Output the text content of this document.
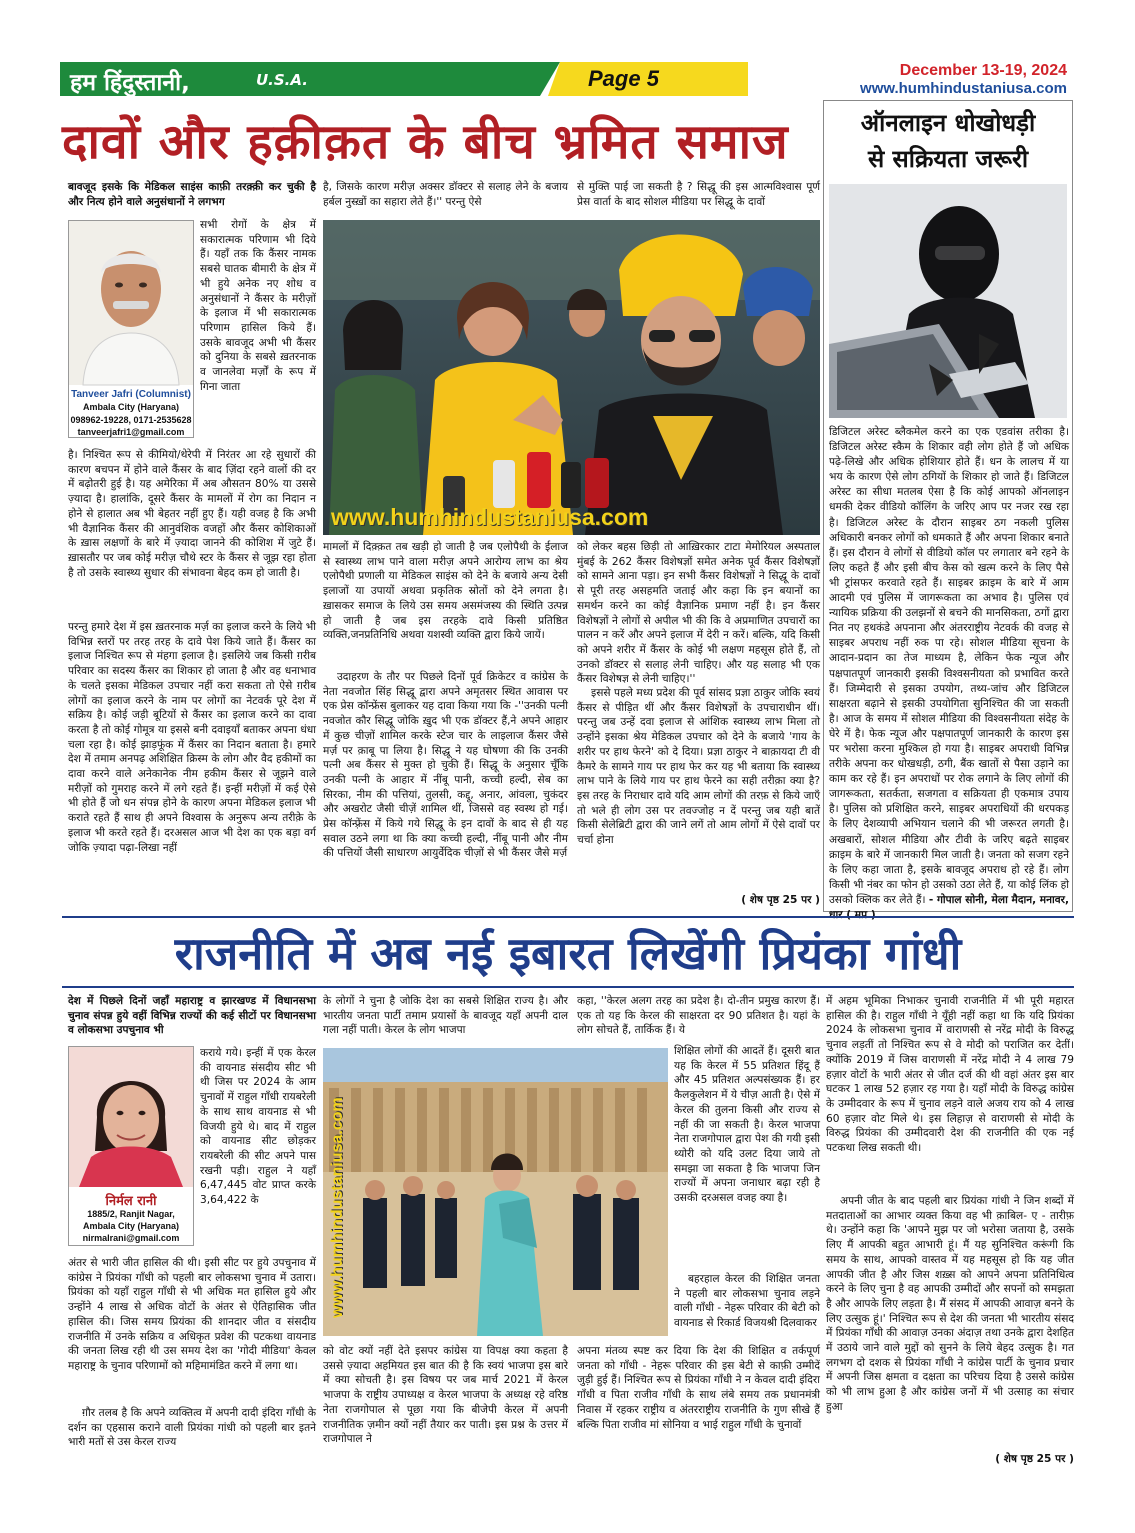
हम हिंदुस्तानी,	U.S.A.	Page 5	December 13-19, 2024
www.humhindustaniusa.com
दावों और हक़ीक़त के बीच भ्रमित समाज
Tanveer Jafri (Columnist)
Ambala City (Haryana)
098962-19228, 0171-2535628
tanveerjafri1@gmail.com
बावजूद इसके कि मेडिकल साइंस काफ़ी तरक़्क़ी कर चुकी है और नित्य होने वाले अनुसंधानों ने लगभग
सभी रोगों के क्षेत्र में सकारात्मक परिणाम भी दिये हैं। यहाँ तक कि कैंसर नामक सबसे घातक बीमारी के क्षेत्र में भी हुये अनेक नए शोध व अनुसंधानों ने कैंसर के मरीज़ों के इलाज में भी सकारात्मक परिणाम हासिल किये हैं। उसके बावजूद अभी भी कैंसर को दुनिया के सबसे ख़तरनाक व जानलेवा मर्ज़ों के रूप में गिना जाता
है। निश्चित रूप से कीमियो/थेरेपी में निरंतर आ रहे सुधारों की कारण बचपन में होने वाले कैंसर के बाद ज़िंदा रहने वालों की दर में बढ़ोतरी हुई है। यह अमेरिका में अब औसतन 80% या उससे ज़्यादा है। हालांकि, दूसरे कैंसर के मामलों में रोग का निदान न होने से हालात अब भी बेहतर नहीं हुए हैं। यही वजह है कि अभी भी वैज्ञानिक कैंसर की आनुवंशिक वजहों और कैंसर कोशिकाओं के ख़ास लक्षणों के बारे में ज़्यादा जानने की कोशिश में जुटे हैं। ख़ासतौर पर जब कोई मरीज़ चौथे स्टर के कैंसर से जूझ रहा होता है तो उसके स्वास्थ्य सुधार की संभावना बेहद कम हो जाती है।
परन्तु हमारे देश में इस ख़तरनाक मर्ज़ का इलाज करने के लिये भी विभिन्न स्तरों पर तरह तरह के दावे पेश किये जाते हैं। कैंसर का इलाज निश्चित रूप से मंहगा इलाज है। इसलिये जब किसी ग़रीब परिवार का सदस्य कैंसर का शिकार हो जाता है और वह धनाभाव के चलते इसका मेडिकल उपचार नहीं करा सकता तो ऐसे ग़रीब लोगों का इलाज करने के नाम पर लोगों का नेटवर्क पूरे देश में सक्रिय है। कोई जड़ी बूटियों से कैंसर का इलाज करने का दावा करता है तो कोई गोमूत्र या इससे बनी दवाइयाँ बताकर अपना धंधा चला रहा है। कोई झाड़फूंक में कैंसर का निदान बताता है। हमारे देश में तमाम अनपढ़ अशिक्षित क्रिस्म के लोग और वैद हकीमों का दावा करने वाले अनेकानेक नीम हकीम कैंसर से जूझने वाले मरीज़ों को गुमराह करने में लगे रहते हैं। इन्हीं मरीज़ों में कई ऐसे भी होते हैं जो धन संपन्न होने के कारण अपना मेडिकल इलाज भी कराते रहते हैं साथ ही अपने विश्वास के अनुरूप अन्य तरीक़े के इलाज भी करते रहते हैं। दरअसल आज भी देश का एक बड़ा वर्ग जोकि ज़्यादा पढ़ा-लिखा नहीं
है, जिसके कारण मरीज़ अक्सर डॉक्टर से सलाह लेने के बजाय हर्बल नुस्ख़ों का सहारा लेते हैं।'' परन्तु ऐसे
से मुक्ति पाई जा सकती है ? सिद्धू की इस आत्मविश्वास पूर्ण प्रेस वार्ता के बाद सोशल मीडिया पर सिद्धू के दावों
www.humhindustaniusa.com
मामलों में दिक़्क़त तब खड़ी हो जाती है जब एलोपैथी के ईलाज से स्वास्थ्य लाभ पाने वाला मरीज़ अपने आरोग्य लाभ का श्रेय एलोपैथी प्रणाली या मेडिकल साइंस को देने के बजाये अन्य देसी इलाजों या उपायों अथवा प्रकृतिक स्रोतों को देने लगता है। ख़ासकर समाज के लिये उस समय असमंजस्य की स्थिति उत्पन्न हो जाती है जब इस तरहके दावे किसी प्रतिष्ठित व्यक्ति,जनप्रतिनिधि अथवा यशस्वी व्यक्ति द्वारा किये जायें।
उदाहरण के तौर पर पिछले दिनों पूर्व क्रिकेटर व कांग्रेस के नेता नवजोत सिंह सिद्धू द्वारा अपने अमृतसर स्थित आवास पर एक प्रेस कॉन्फ्रेंस बुलाकर यह दावा किया गया कि -''उनकी पत्नी नवजोत कौर सिद्धू जोकि ख़ुद भी एक डॉक्टर हैं,ने अपने आहार में कुछ चीज़ों शामिल करके स्टेज चार के लाइलाज कैंसर जैसे मर्ज़ पर क़ाबू पा लिया है। सिद्धू ने यह घोषणा की कि उनकी पत्नी अब कैंसर से मुक्त हो चुकी हैं। सिद्धू के अनुसार चूँकि उनकी पत्नी के आहार में नींबू पानी, कच्ची हल्दी, सेब का सिरका, नीम की पत्तियां, तुलसी, कद्दू, अनार, आंवला, चुकंदर और अखरोट जैसी चीज़ें शामिल थीं, जिससे वह स्वस्थ हो गई। प्रेस कॉन्फ़्रेंस में किये गये सिद्धू के इन दावों के बाद से ही यह सवाल उठने लगा था कि क्या कच्ची हल्दी, नींबू पानी और नीम की पत्तियों जैसी साधारण आयुर्वेदिक चीज़ों से भी कैंसर जैसे मर्ज़
को लेकर बहस छिड़ी तो आख़िरकार टाटा मेमोरियल अस्पताल मुंबई के 262 कैंसर विशेषज्ञों समेत अनेक पूर्व कैंसर विशेषज्ञों को सामने आना पड़ा। इन सभी कैंसर विशेषज्ञों ने सिद्धू के दावों से पूरी तरह असहमति जताई और कहा कि इन बयानों का समर्थन करने का कोई वैज्ञानिक प्रमाण नहीं है। इन कैंसर विशेषज्ञों ने लोगों से अपील भी की कि वे अप्रमाणित उपचारों का पालन न करें और अपने इलाज में देरी न करें। बल्कि, यदि किसी को अपने शरीर में कैंसर के कोई भी लक्षण महसूस होते हैं, तो उनको डॉक्टर से सलाह लेनी चाहिए। और यह सलाह भी एक कैंसर विशेषज्ञ से लेनी चाहिए।''
इससे पहले मध्य प्रदेश की पूर्व सांसद प्रज्ञा ठाकुर जोकि स्वयं कैंसर से पीड़ित थीं और कैंसर विशेषज्ञों के उपचाराधीन थीं। परन्तु जब उन्हें दवा इलाज से आंशिक स्वास्थ्य लाभ मिला तो उन्होंने इसका श्रेय मेडिकल उपचार को देने के बजाये 'गाय के शरीर पर हाथ फेरने' को दे दिया। प्रज्ञा ठाकुर ने बाक़ायदा टी वी कैमरे के सामने गाय पर हाथ फेर कर यह भी बताया कि स्वास्थ्य लाभ पाने के लिये गाय पर हाथ फेरने का सही तरीक़ा क्या है? इस तरह के निराधार दावे यदि आम लोगों की तरफ़ से किये जाएँ तो भले ही लोग उस पर तवज्जोह न दें परन्तु जब यही बातें किसी सेलेब्रिटी द्वारा की जाने लगें तो आम लोगों में ऐसे दावों पर चर्चा होना
( शेष पृष्ठ 25 पर )
ऑनलाइन धोखोधड़ी
से सक्रियता जरूरी
डिजिटल अरेस्ट ब्लैकमेल करने का एक एडवांस तरीका है। डिजिटल अरेस्ट स्कैम के शिकार वही लोग होते हैं जो अधिक पढ़े-लिखे और अधिक होशियार होते हैं। धन के लालच में या भय के कारण ऐसे लोग ठगियों के शिकार हो जाते हैं। डिजिटल अरेस्ट का सीधा मतलब ऐसा है कि कोई आपको ऑनलाइन धमकी देकर वीडियो कॉलिंग के जरिए आप पर नजर रख रहा है। डिजिटल अरेस्ट के दौरान साइबर ठग नकली पुलिस अधिकारी बनकर लोगों को धमकाते हैं और अपना शिकार बनाते हैं। इस दौरान वे लोगों से वीडियो कॉल पर लगातार बने रहने के लिए कहते हैं और इसी बीच केस को खत्म करने के लिए पैसे भी ट्रांसफर करवाते रहते हैं। साइबर क्राइम के बारे में आम आदमी एवं पुलिस में जागरूकता का अभाव है। पुलिस एवं न्यायिक प्रक्रिया की उलझनों से बचने की मानसिकता, ठगों द्वारा नित नए हथकंडे अपनाना और अंतरराष्ट्रीय नेटवर्क की वजह से साइबर अपराध नहीं रुक पा रहे। सोशल मीडिया सूचना के आदान-प्रदान का तेज माध्यम है, लेकिन फेक न्यूज और पक्षपातपूर्ण जानकारी इसकी विश्वसनीयता को प्रभावित करते हैं। जिम्मेदारी से इसका उपयोग, तथ्य-जांच और डिजिटल साक्षरता बढ़ाने से इसकी उपयोगिता सुनिश्चित की जा सकती है। आज के समय में सोशल मीडिया की विश्वसनीयता संदेह के घेरे में है। फेक न्यूज और पक्षपातपूर्ण जानकारी के कारण इस पर भरोसा करना मुश्किल हो गया है। साइबर अपराधी विभिन्न तरीके अपना कर धोखधड़ी, ठगी, बैंक खातों से पैसा उड़ाने का काम कर रहे हैं। इन अपराधों पर रोक लगाने के लिए लोगों की जागरूकता, सतर्कता, सजगता व सक्रियता ही एकमात्र उपाय है। पुलिस को प्रशिक्षित करने, साइबर अपराधियों की धरपकड़ के लिए देशव्यापी अभियान चलाने की भी जरूरत लगती है। अखबारों, सोशल मीडिया और टीवी के जरिए बढ़ते साइबर क्राइम के बारे में जानकारी मिल जाती है। जनता को सजग रहने के लिए कहा जाता है, इसके बावजूद अपराध हो रहे हैं। लोग किसी भी नंबर का फोन हो उसको उठा लेते हैं, या कोई लिंक हो उसको क्लिक कर लेते हैं। - गोपाल सोनी, मेला मैदान, मनावर, धार ( मप्र )
राजनीति में अब नई इबारत लिखेंगी प्रियंका गांधी
देश में पिछले दिनों जहाँ महाराष्ट्र व झारखण्ड में विधानसभा चुनाव संपन्न हुये वहीं विभिन्न राज्यों की कई सीटों पर विधानसभा व लोकसभा उपचुनाव भी
निर्मल रानी
1885/2, Ranjit Nagar,
Ambala City (Haryana)
nirmalrani@gmail.com
कराये गये। इन्हीं में एक केरल की वायनाड संसदीय सीट भी थी जिस पर 2024 के आम चुनावों में राहुल गाँधी रायबरेली के साथ साथ वायनाड से भी विजयी हुये थे। बाद में राहुल को वायनाड सीट छोड़कर रायबरेली की सीट अपने पास रखनी पड़ी। राहुल ने यहाँ 6,47,445 वोट प्राप्त करके 3,64,422 के
अंतर से भारी जीत हासिल की थी। इसी सीट पर हुये उपचुनाव में कांग्रेस ने प्रियंका गाँधी को पहली बार लोकसभा चुनाव में उतारा। प्रियंका को यहाँ राहुल गाँधी से भी अधिक मत हासिल हुये और उन्होंने 4 लाख से अधिक वोटों के अंतर से ऐतिहासिक जीत हासिल की। जिस समय प्रियंका की शानदार जीत व संसदीय राजनीति में उनके सक्रिय व अधिकृत प्रवेश की पटकथा वायनाड की जनता लिख रही थी उस समय देश का 'गोदी मीडिया' केवल महाराष्ट्र के चुनाव परिणामों को महिमामंडित करने में लगा था।
ग़ौर तलब है कि अपने व्यक्तित्व में अपनी दादी इंदिरा गाँधी के दर्शन का एहसास कराने वाली प्रियंका गांधी को पहली बार इतने भारी मतों से उस केरल राज्य
के लोगों ने चुना है जोकि देश का सबसे शिक्षित राज्य है। और भारतीय जनता पार्टी तमाम प्रयासों के बावजूद यहाँ अपनी दाल गला नहीं पाती। केरल के लोग भाजपा
कहा, ''केरल अलग तरह का प्रदेश है। दो-तीन प्रमुख कारण हैं। एक तो यह कि केरल की साक्षरता दर 90 प्रतिशत है। यहां के लोग सोचते हैं, तार्किक हैं। ये
www.humhindustaniusa.com
शिक्षित लोगों की आदतें हैं। दूसरी बात यह कि केरल में 55 प्रतिशत हिंदू हैं और 45 प्रतिशत अल्पसंख्यक हैं। हर कैलकुलेशन में ये चीज़ आती है। ऐसे में केरल की तुलना किसी और राज्य से नहीं की जा सकती है। केरल भाजपा नेता राजगोपाल द्वारा पेश की गयी इसी थ्योरी को यदि उलट दिया जाये तो समझा जा सकता है कि भाजपा जिन राज्यों में अपना जनाधार बढ़ा रही है उसकी दरअसल वजह क्या है।
बहरहाल केरल की शिक्षित जनता ने पहली बार लोकसभा चुनाव लड़ने वाली गाँधी - नेहरू परिवार की बेटी को वायनाड से रिकार्ड विजयश्री दिलवाकर
को वोट क्यों नहीं देते इसपर कांग्रेस या विपक्ष क्या कहता है उससे ज़्यादा अहमियत इस बात की है कि स्वयं भाजपा इस बारे में क्या सोचती है। इस विषय पर जब मार्च 2021 में केरल भाजपा के राष्ट्रीय उपाध्यक्ष व केरल भाजपा के अध्यक्ष रहे वरिष्ठ नेता राजगोपाल से पूछा गया कि बीजेपी केरल में अपनी राजनीतिक ज़मीन क्यों नहीं तैयार कर पाती। इस प्रश्न के उत्तर में राजगोपाल ने
अपना मंतव्य स्पष्ट कर दिया कि देश की शिक्षित व तर्कपूर्ण जनता को गाँधी - नेहरू परिवार की इस बेटी से काफ़ी उम्मीदें जुड़ी हुई हैं। निश्चित रूप से प्रियंका गाँधी ने न केवल दादी इंदिरा गाँधी व पिता राजीव गाँधी के साथ लंबे समय तक प्रधानमंत्री निवास में रहकर राष्ट्रीय व अंतरराष्ट्रीय राजनीति के गुण सीखे हैं बल्कि पिता राजीव मां सोनिया व भाई राहुल गाँधी के चुनावों
में अहम भूमिका निभाकर चुनावी राजनीति में भी पूरी महारत हासिल की है। राहुल गाँधी ने यूँही नहीं कहा था कि यदि प्रियंका 2024 के लोकसभा चुनाव में वाराणसी से नरेंद्र मोदी के विरुद्ध चुनाव लड़तीं तो निश्चित रूप से वे मोदी को पराजित कर देतीं। क्योंकि 2019 में जिस वाराणसी में नरेंद्र मोदी ने 4 लाख 79 हज़ार वोटों के भारी अंतर से जीत दर्ज की थी वहां अंतर इस बार घटकर 1 लाख 52 हज़ार रह गया है। यहाँ मोदी के विरुद्ध कांग्रेस के उम्मीदवार के रूप में चुनाव लड़ने वाले अजय राय को 4 लाख 60 हज़ार वोट मिले थे। इस लिहाज़ से वाराणसी से मोदी के विरुद्ध प्रियंका की उम्मीदवारी देश की राजनीति की एक नई पटकथा लिख सकती थी।
अपनी जीत के बाद पहली बार प्रियंका गांधी ने जिन शब्दों में मतदाताओं का आभार व्यक्त किया वह भी क़ाबिल- ए - तारीफ़ थे। उन्होंने कहा कि 'आपने मुझ पर जो भरोसा जताया है, उसके लिए मैं आपकी बहुत आभारी हूं। मैं यह सुनिश्चित करूंगी कि समय के साथ, आपको वास्तव में यह महसूस हो कि यह जीत आपकी जीत है और जिस शख़्स को आपने अपना प्रतिनिधित्व करने के लिए चुना है वह आपकी उम्मीदों और सपनों को समझता है और आपके लिए लड़ता है। मैं संसद में आपकी आवाज़ बनने के लिए उत्सुक हूं।' निश्चित रूप से देश की जनता भी भारतीय संसद में प्रियंका गाँधी की आवाज़ उनका अंदाज़ तथा उनके द्वारा देशहित में उठाये जाने वाले मुद्दों को सुनने के लिये बेहद उत्सुक है। गत लगभग दो दशक से प्रियंका गाँधी ने कांग्रेस पार्टी के चुनाव प्रचार में अपनी जिस क्षमता व दक्षता का परिचय दिया है उससे कांग्रेस को भी लाभ हुआ है और कांग्रेस जनों में भी उत्साह का संचार हुआ
( शेष पृष्ठ 25 पर )
